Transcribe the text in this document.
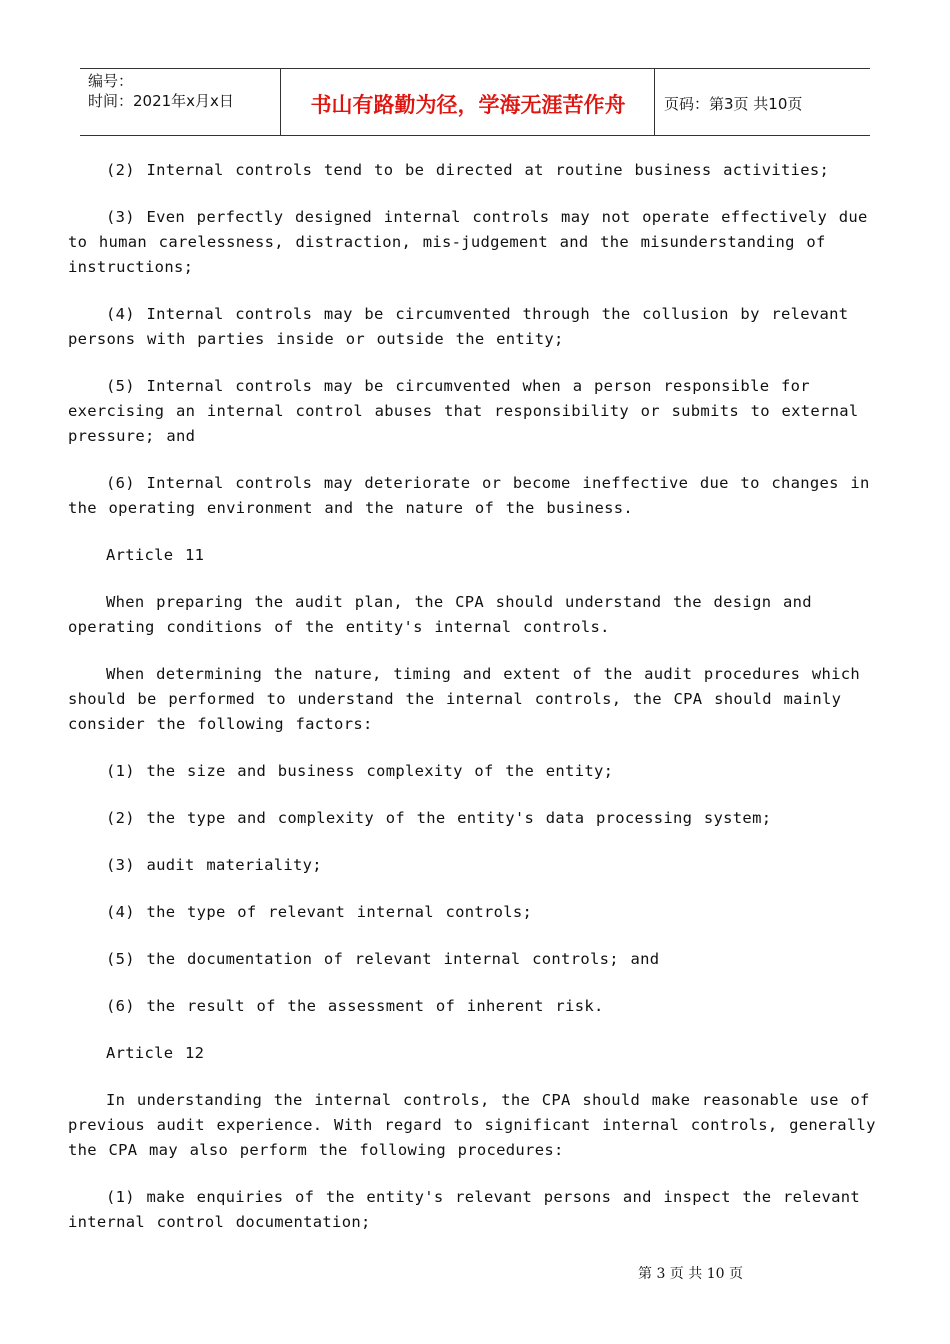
编号：
时间：2021年x月x日	书山有路勤为径，学海无涯苦作舟	页码：第3页 共10页

(2) Internal controls tend to be directed at routine business activities;

(3) Even perfectly designed internal controls may not operate effectively due to human carelessness, distraction, mis-judgement and the misunderstanding of instructions;

(4) Internal controls may be circumvented through the collusion by relevant persons with parties inside or outside the entity;

(5) Internal controls may be circumvented when a person responsible for exercising an internal control abuses that responsibility or submits to external pressure; and

(6) Internal controls may deteriorate or become ineffective due to changes in the operating environment and the nature of the business.

Article 11

When preparing the audit plan, the CPA should understand the design and operating conditions of the entity's internal controls.

When determining the nature, timing and extent of the audit procedures which should be performed to understand the internal controls, the CPA should mainly consider the following factors:

(1) the size and business complexity of the entity;

(2) the type and complexity of the entity's data processing system;

(3) audit materiality;

(4) the type of relevant internal controls;

(5) the documentation of relevant internal controls; and

(6) the result of the assessment of inherent risk.

Article 12

In understanding the internal controls, the CPA should make reasonable use of previous audit experience. With regard to significant internal controls, generally the CPA may also perform the following procedures:

(1) make enquiries of the entity's relevant persons and inspect the relevant internal control documentation;

第 3 页 共 10 页
